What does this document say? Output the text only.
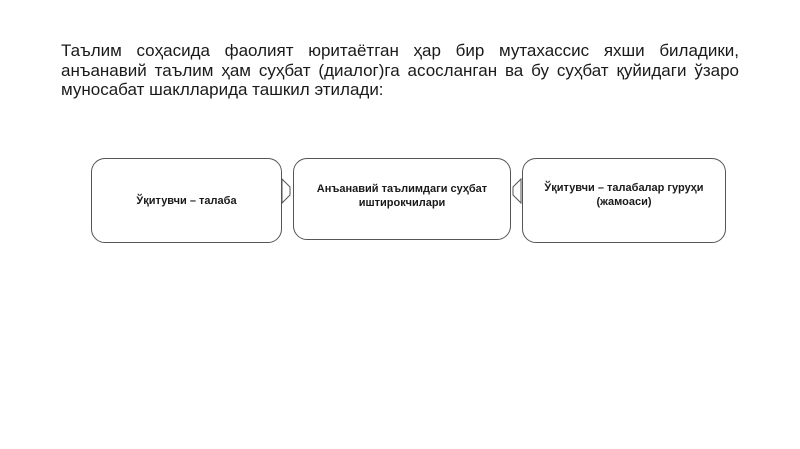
Таълим соҳасида фаолият юритаётган ҳар бир мутахассис яхши биладики, анъанавий таълим ҳам суҳбат (диалог)га асосланган ва бу суҳбат қуйидаги ўзаро муносабат шаклларида ташкил этилади:

Ўқитувчи – талаба
Анъанавий таълимдаги суҳбат иштирокчилари
Ўқитувчи – талабалар гуруҳи (жамоаси)
